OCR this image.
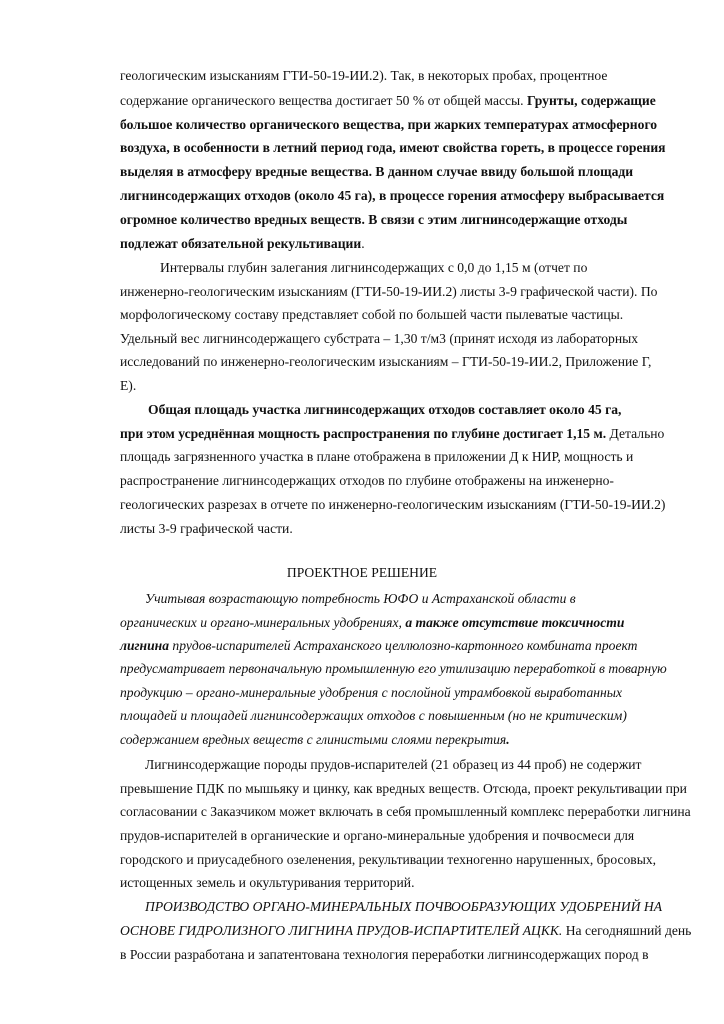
геологическим изысканиям ГТИ-50-19-ИИ.2). Так, в некоторых пробах, процентное
содержание органического вещества достигает 50 % от общей массы. Грунты, содержащие
большое количество органического вещества, при жарких температурах атмосферного
воздуха, в особенности в летний период года, имеют свойства гореть, в процессе горения
выделяя в атмосферу вредные вещества. В данном случае ввиду большой площади
лигнинсодержащих отходов (около 45 га), в процессе горения атмосферу выбрасывается
огромное количество вредных веществ. В связи с этим лигнинсодержащие отходы
подлежат обязательной рекультивации.
Интервалы глубин залегания лигнинсодержащих с 0,0 до 1,15 м (отчет по
инженерно-геологическим изысканиям (ГТИ-50-19-ИИ.2) листы 3-9 графической части). По
морфологическому составу представляет собой по большей части пылеватые частицы.
Удельный вес лигнинсодержащего субстрата – 1,30 т/м3 (принят исходя из лабораторных
исследований по инженерно-геологическим изысканиям – ГТИ-50-19-ИИ.2, Приложение Г,
Е).
Общая площадь участка лигнинсодержащих отходов составляет около 45 га,
при этом усреднённая мощность распространения по глубине достигает 1,15 м. Детально
площадь загрязненного участка в плане отображена в приложении Д к НИР, мощность и
распространение лигнинсодержащих отходов по глубине отображены на инженерно-
геологических разрезах в отчете по инженерно-геологическим изысканиям (ГТИ-50-19-ИИ.2)
листы 3-9 графической части.
ПРОЕКТНОЕ РЕШЕНИЕ
Учитывая возрастающую потребность ЮФО и Астраханской области в
органических и органо-минеральных удобрениях, а также отсутствие токсичности
лигнина прудов-испарителей Астраханского целлюлозно-картонного комбината проект
предусматривает первоначальную промышленную его утилизацию переработкой в товарную
продукцию – органо-минеральные удобрения с послойной утрамбовкой выработанных
площадей и площадей лигнинсодержащих отходов с повышенным (но не критическим)
содержанием вредных веществ с глинистыми слоями перекрытия.
Лигнинсодержащие породы прудов-испарителей (21 образец из 44 проб) не содержит
превышение ПДК по мышьяку и цинку, как вредных веществ. Отсюда, проект рекультивации при
согласовании с Заказчиком может включать в себя промышленный комплекс переработки лигнина
прудов-испарителей в органические и органо-минеральные удобрения и почвосмеси для
городского и приусадебного озеленения, рекультивации техногенно нарушенных, бросовых,
истощенных земель и окультуривания территорий.
ПРОИЗВОДСТВО ОРГАНО-МИНЕРАЛЬНЫХ ПОЧВООБРАЗУЮЩИХ УДОБРЕНИЙ НА
ОСНОВЕ ГИДРОЛИЗНОГО ЛИГНИНА ПРУДОВ-ИСПАРТИТЕЛЕЙ АЦКК. На сегодняшний день
в России разработана и запатентована технология переработки лигнинсодержащих пород в
